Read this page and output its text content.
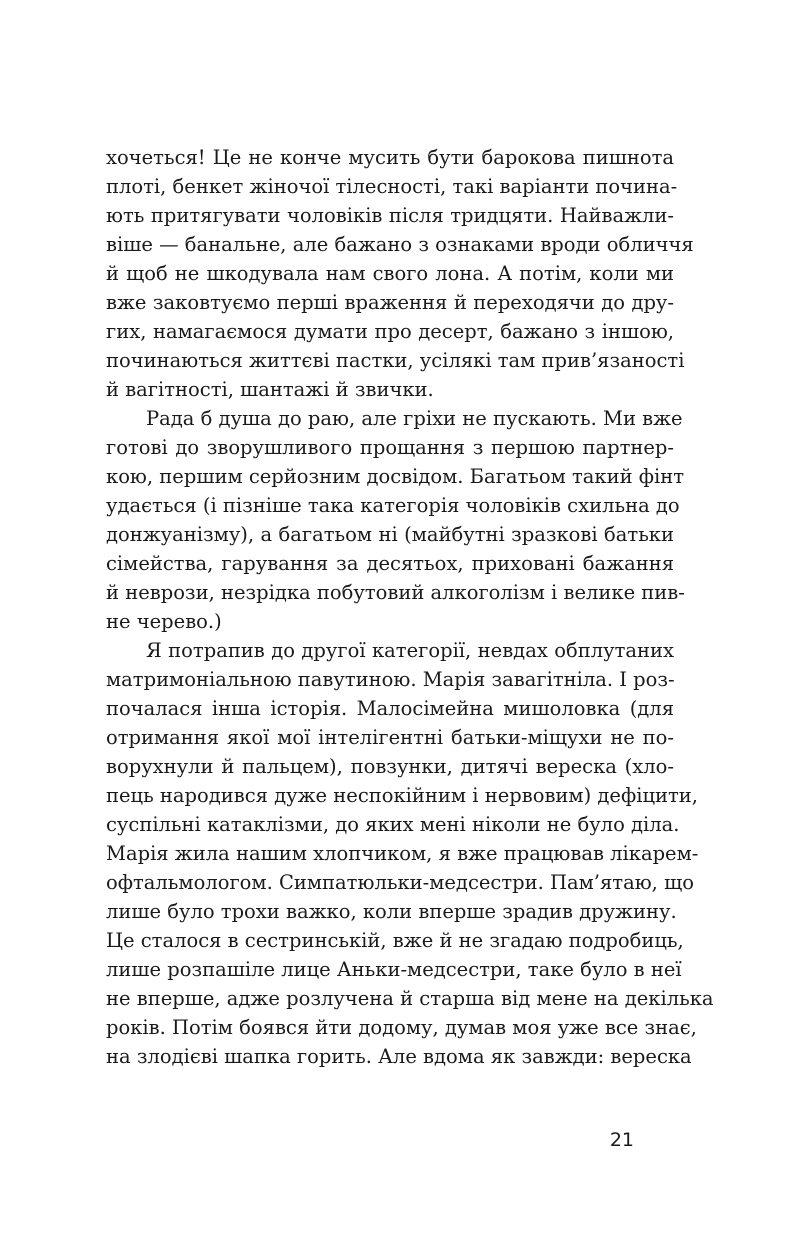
хочеться! Це не конче мусить бути барокова пишнота
плоті, бенкет жіночої тілесності, такі варіанти почина-
ють притягувати чоловіків після тридцяти. Найважли-
віше — банальне, але бажано з ознаками вроди обличчя
й щоб не шкодувала нам свого лона. А потім, коли ми
вже заковтуємо перші враження й переходячи до дру-
гих, намагаємося думати про десерт, бажано з іншою,
починаються життєві пастки, усілякі там прив’язаності
й вагітності, шантажі й звички.
Рада б душа до раю, але гріхи не пускають. Ми вже
готові до зворушливого прощання з першою партнер-
кою, першим серйозним досвідом. Багатьом такий фінт
удається (і пізніше така категорія чоловіків схильна до
донжуанізму), а багатьом ні (майбутні зразкові батьки
сімейства, гарування за десятьох, приховані бажання
й неврози, незрідка побутовий алкоголізм і велике пив-
не черево.)
Я потрапив до другої категорії, невдах обплутаних
матримоніальною павутиною. Марія завагітніла. І роз-
почалася інша історія. Малосімейна мишоловка (для
отримання якої мої інтелігентні батьки-міщухи не по-
ворухнули й пальцем), повзунки, дитячі вереска (хло-
пець народився дуже неспокійним і нервовим) дефіцити,
суспільні катаклізми, до яких мені ніколи не було діла.
Марія жила нашим хлопчиком, я вже працював лікарем-
офтальмологом. Симпатюльки-медсестри. Пам’ятаю, що
лише було трохи важко, коли вперше зрадив дружину.
Це сталося в сестринській, вже й не згадаю подробиць,
лише розпашіле лице Аньки-медсестри, таке було в неї
не вперше, адже розлучена й старша від мене на декілька
років. Потім боявся йти додому, думав моя уже все знає,
на злодієві шапка горить. Але вдома як завжди: вереска
21
